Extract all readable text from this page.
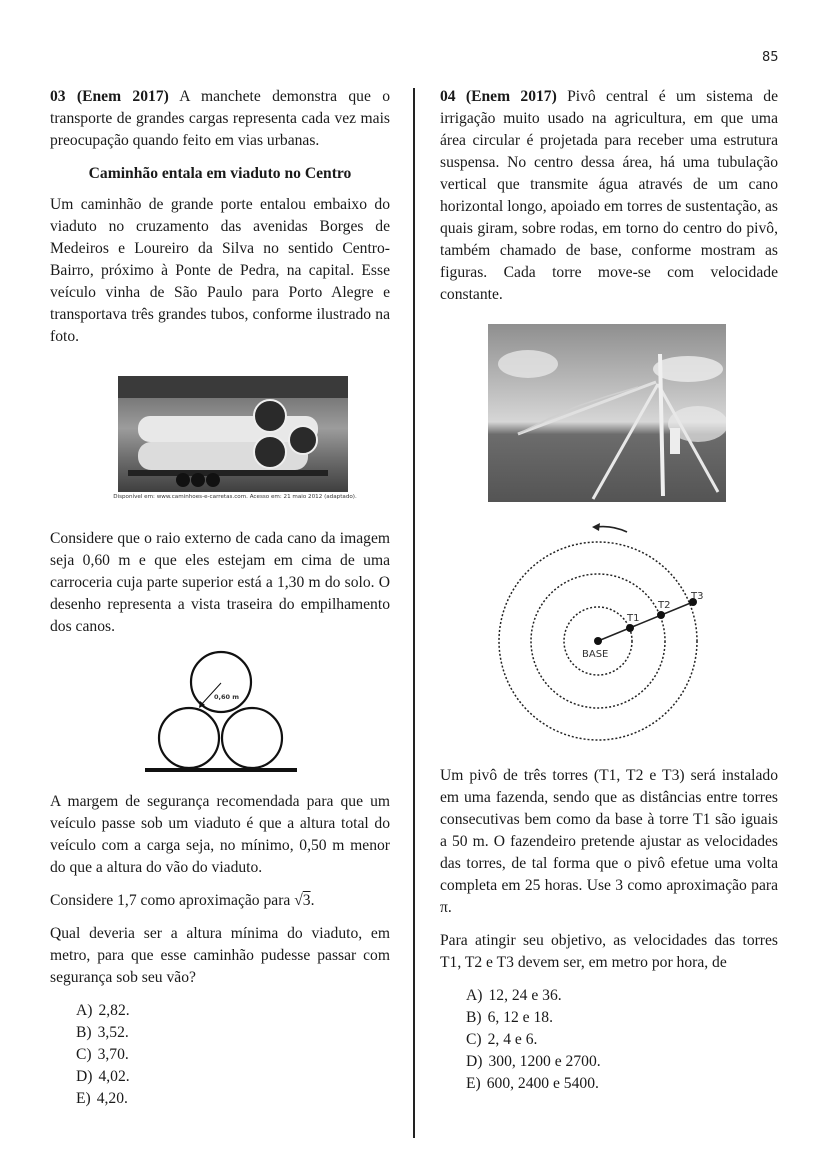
85

03 (Enem 2017) A manchete demonstra que o transporte de grandes cargas representa cada vez mais preocupação quando feito em vias urbanas.

Caminhão entala em viaduto no Centro

Um caminhão de grande porte entalou embaixo do viaduto no cruzamento das avenidas Borges de Medeiros e Loureiro da Silva no sentido Centro-Bairro, próximo à Ponte de Pedra, na capital. Esse veículo vinha de São Paulo para Porto Alegre e transportava três grandes tubos, conforme ilustrado na foto.

Disponível em: www.caminhoes-e-carretas.com. Acesso em: 21 maio 2012 (adaptado).

Considere que o raio externo de cada cano da imagem seja 0,60 m e que eles estejam em cima de uma carroceria cuja parte superior está a 1,30 m do solo. O desenho representa a vista traseira do empilhamento dos canos.

0,60 m

A margem de segurança recomendada para que um veículo passe sob um viaduto é que a altura total do veículo com a carga seja, no mínimo, 0,50 m menor do que a altura do vão do viaduto.

Considere 1,7 como aproximação para √3.

Qual deveria ser a altura mínima do viaduto, em metro, para que esse caminhão pudesse passar com segurança sob seu vão?

A) 2,82.
B) 3,52.
C) 3,70.
D) 4,02.
E) 4,20.

04 (Enem 2017) Pivô central é um sistema de irrigação muito usado na agricultura, em que uma área circular é projetada para receber uma estrutura suspensa. No centro dessa área, há uma tubulação vertical que transmite água através de um cano horizontal longo, apoiado em torres de sustentação, as quais giram, sobre rodas, em torno do centro do pivô, também chamado de base, conforme mostram as figuras. Cada torre move-se com velocidade constante.

BASE
T1
T2
T3

Um pivô de três torres (T1, T2 e T3) será instalado em uma fazenda, sendo que as distâncias entre torres consecutivas bem como da base à torre T1 são iguais a 50 m. O fazendeiro pretende ajustar as velocidades das torres, de tal forma que o pivô efetue uma volta completa em 25 horas. Use 3 como aproximação para π.

Para atingir seu objetivo, as velocidades das torres T1, T2 e T3 devem ser, em metro por hora, de

A) 12, 24 e 36.
B) 6, 12 e 18.
C) 2, 4 e 6.
D) 300, 1200 e 2700.
E) 600, 2400 e 5400.
